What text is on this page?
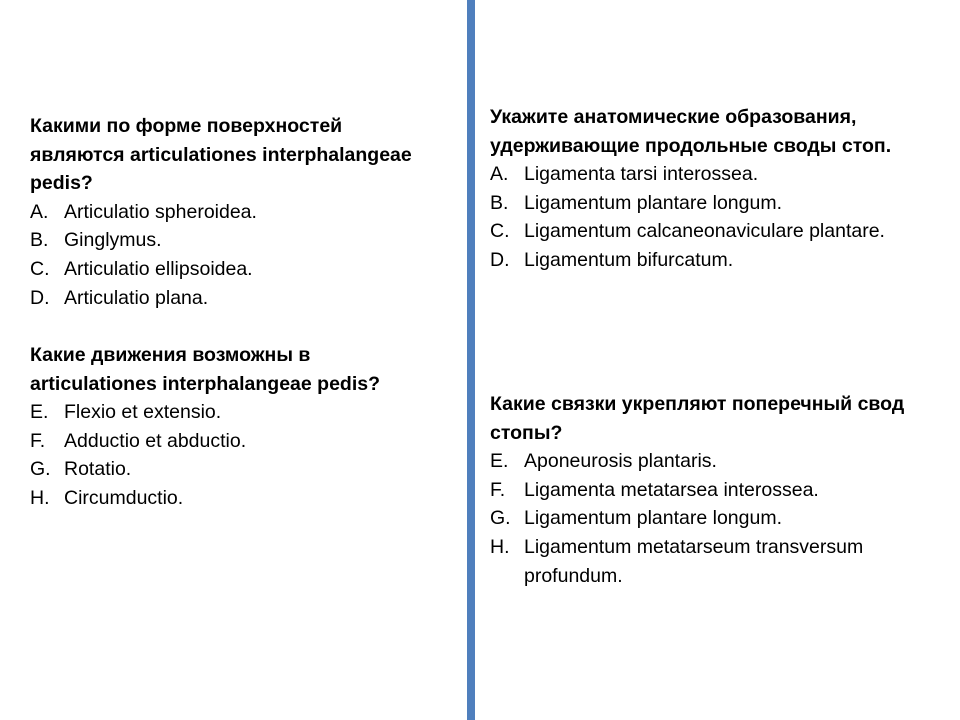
Какими по форме поверхностей являются articulationes interphalangeae pedis?

A. Articulatio spheroidea.
B. Ginglymus.
C. Articulatio ellipsoidea.
D. Articulatio plana.

Какие движения возможны в articulationes interphalangeae pedis?

E. Flexio et extensio.
F. Adductio et abductio.
G. Rotatio.
H. Circumductio.

Укажите анатомические образования, удерживающие продольные своды стоп.

A. Ligamenta tarsi interossea.
B. Ligamentum plantare longum.
C. Ligamentum calcaneonaviculare plantare.
D. Ligamentum bifurcatum.

Какие связки укрепляют поперечный свод стопы?

E. Aponeurosis plantaris.
F. Ligamenta metatarsea interossea.
G. Ligamentum plantare longum.
H. Ligamentum metatarseum transversum profundum.
